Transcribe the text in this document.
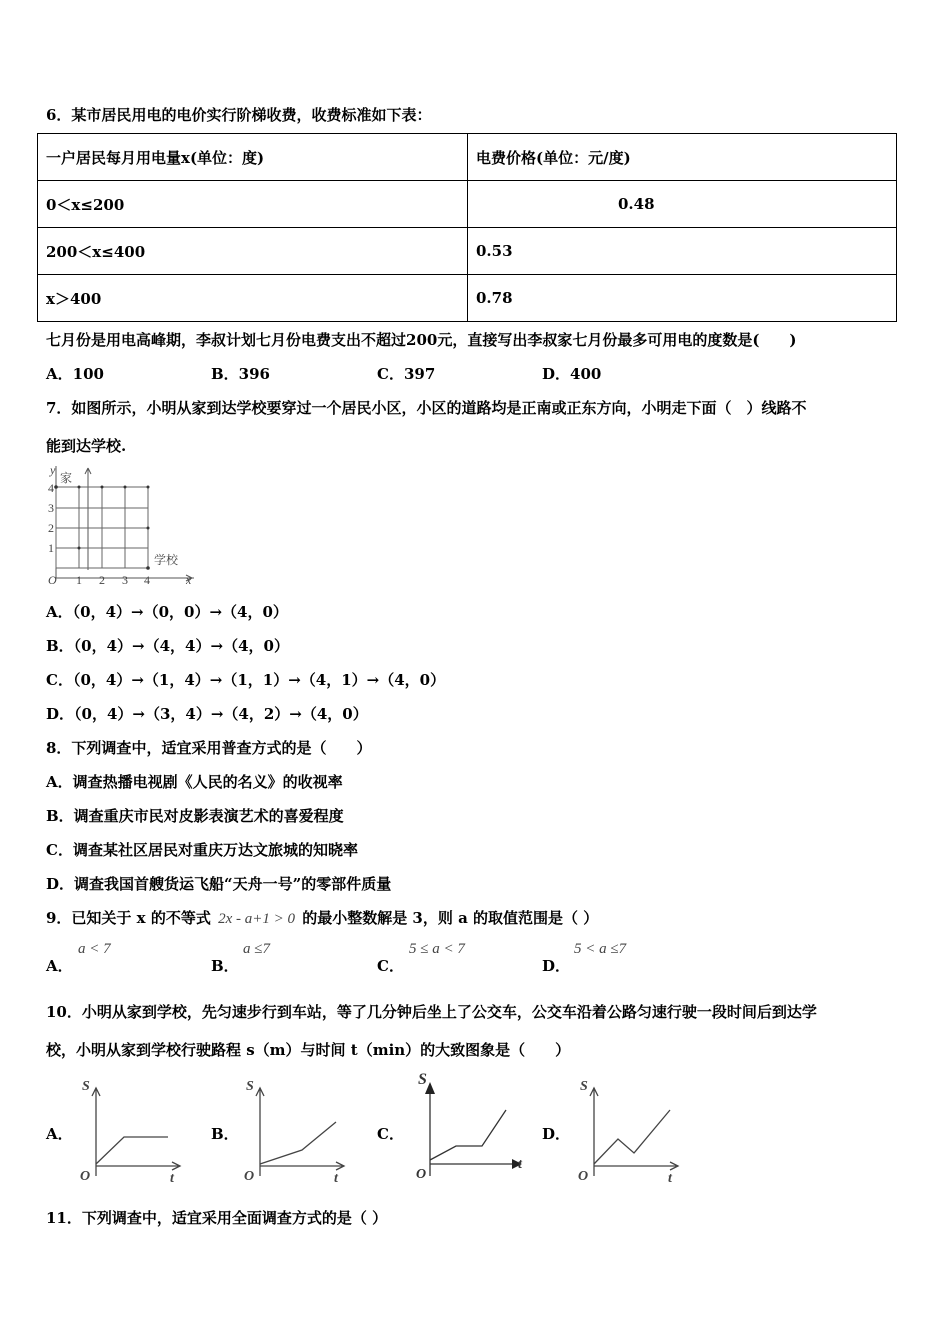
6．某市居民用电的电价实行阶梯收费，收费标准如下表：
一户居民每月用电量x(单位：度)	电费价格(单位：元/度)
0＜x≤200	0.48
200＜x≤400	0.53
x＞400	0.78
七月份是用电高峰期，李叔计划七月份电费支出不超过200元，直接写出李叔家七月份最多可用电的度数是(　　)
A．100	B．396	C．397	D．400
7．如图所示，小明从家到达学校要穿过一个居民小区，小区的道路均是正南或正东方向，小明走下面（　）线路不
能到达学校.
y
家
4
3
2
1
学校
O 1 2 3 4	x
A．（0，4）→（0，0）→（4，0）
B．（0，4）→（4，4）→（4，0）
C．（0，4）→（1，4）→（1，1）→（4，1）→（4，0）
D．（0，4）→（3，4）→（4，2）→（4，0）
8．下列调查中，适宜采用普查方式的是（　　）
A．调查热播电视剧《人民的名义》的收视率
B．调查重庆市民对皮影表演艺术的喜爱程度
C．调查某社区居民对重庆万达文旅城的知晓率
D．调查我国首艘货运飞船“天舟一号”的零部件质量
9．已知关于 x 的不等式 2x - a+1 > 0 的最小整数解是 3，则 a 的取值范围是（ ）
A．
a < 7
B．
a ≤7
C．
5 ≤ a < 7
D．
5 < a ≤7
10．小明从家到学校，先匀速步行到车站，等了几分钟后坐上了公交车，公交车沿着公路匀速行驶一段时间后到达学
校，小明从家到学校行驶路程 s（m）与时间 t（min）的大致图象是（　　）
A．
S
O	t
B．
S
O	t
C．
S
O
t
D．
S
O	t
11．下列调查中，适宜采用全面调查方式的是（ ）
